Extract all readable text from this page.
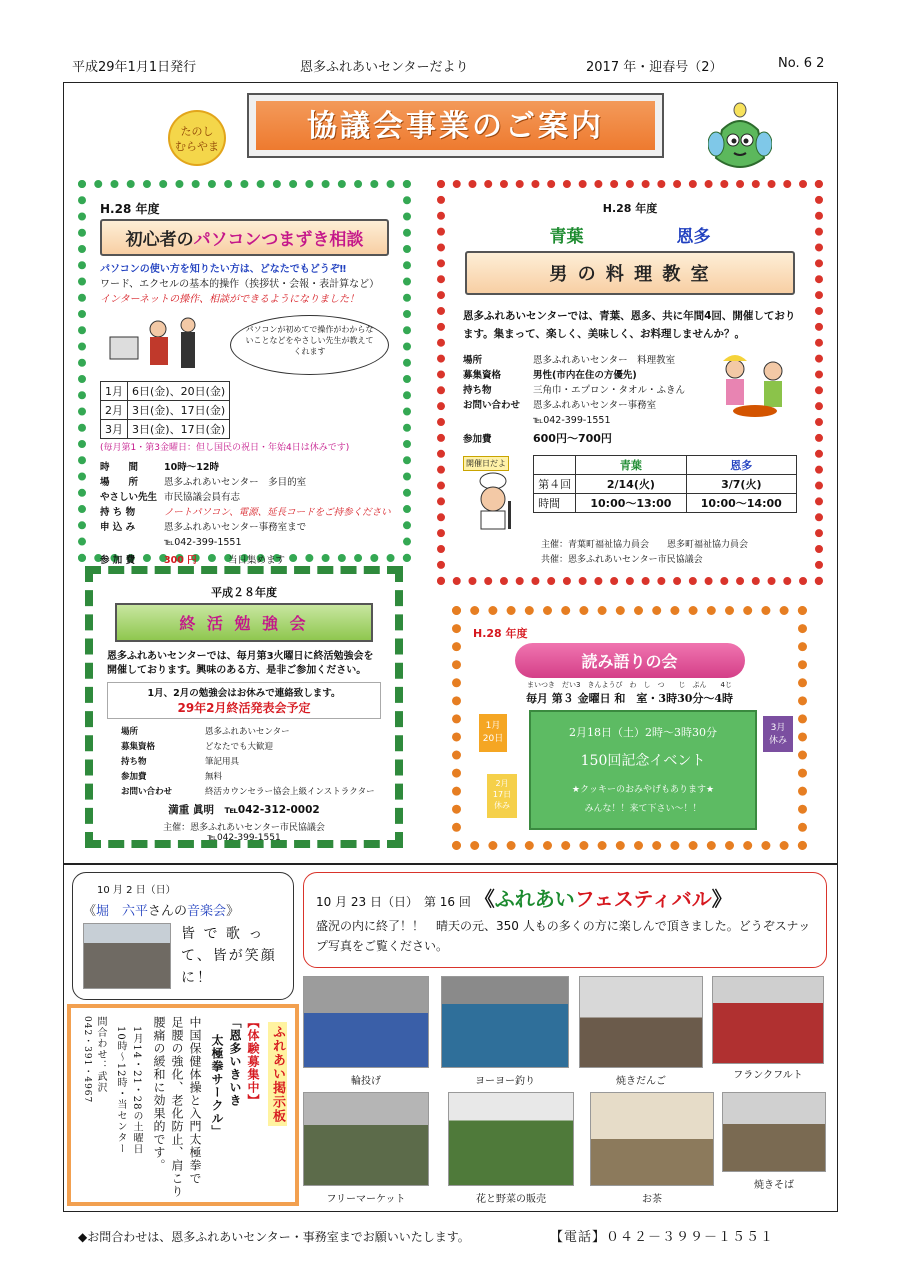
平成29年1月1日発行	恩多ふれあいセンターだより	2017 年・迎春号（2）	No. 6 2
たのし
むらやま
協議会事業のご案内
H.28 年度
初心者のパソコンつまずき相談
パソコンの使い方を知りたい方は、どなたでもどうぞ‼
ワード、エクセルの基本的操作（挨拶状・会報・表計算など）
インターネットの操作、相談ができるようになりました！
パソコンが初めてで操作がわからないことなどをやさしい先生が教えてくれます
1月	6日(金)、20日(金)
2月	3日(金)、17日(金)
3月	3日(金)、17日(金)
(毎月第1・第3金曜日：但し国民の祝日・年始4日は休みです)
時　　間	10時～12時
場　　所	恩多ふれあいセンター　多目的室
やさしい先生 市民協議会員有志
持 ち 物	ノートパソコン、電源、延長コードをご持参ください
申 込 み	恩多ふれあいセンター事務室まで
℡042-399-1551
参 加 費	300 円	当日集めます
H.28 年度
青葉	恩多
男 の 料 理 教 室
恩多ふれあいセンターでは、青葉、恩多、共に年間4回、開催しております。集まって、楽しく、美味しく、お料理しませんか？。
場所	恩多ふれあいセンター　料理教室
募集資格	男性(市内在住の方優先)
持ち物	三角巾・エプロン・タオル・ふきん
お問い合わせ 恩多ふれあいセンター事務室
℡042-399-1551
参加費	600円～700円
開催日だよ
		青葉	恩多
第４回	2/14(火)	3/7(火)
時間	10:00～13:00	10:00～14:00
主催：青葉町福祉協力員会　　恩多町福祉協力員会
共催：恩多ふれあいセンター市民協議会
平成２８年度
終 活 勉 強 会
恩多ふれあいセンターでは、毎月第3火曜日に終活勉強会を開催しております。興味のある方、是非ご参加ください。
1月、2月の勉強会はお休みで連絡致します。
29年2月終活発表会予定
場所	恩多ふれあいセンター
募集資格	どなたでも大歓迎
持ち物	筆記用具
参加費	無料
お問い合わせ	終活カウンセラー協会上級インストラクター
満重 眞明　℡042-312-0002
主催：恩多ふれあいセンター市民協議会
℡042-399-1551
H.28 年度
読み語りの会
まいつき　だい3　きんようび　わ　し　つ　　じ　ぷん　　4じ
毎月 第３ 金曜日 和　室・3時30分～4時
1月
20日
2月
17日
休み
2月18日（土）2時～3時30分
150回記念イベント
★クッキーのおみやげもあります★
みんな！！来て下さい～！！
3月
休み
10 月 2 日（日）
《堀　六平さんの音楽会》
皆 で 歌 っ て、皆が笑顔に！
10 月 23 日（日）　第 16 回 《ふれあいフェスティバル》
盛況の内に終了！！　晴天の元、350 人もの多くの方に楽しんで頂きました。どうぞスナップ写真をご覧ください。
輪投げ	ヨーヨー釣り	焼きだんご
フランクフルト
フリーマーケット	花と野菜の販売	お茶
焼きそば
ふれあい掲示板
【体験募集中】
「恩多いきいき
太極拳サークル」
中国保健体操と入門太極拳で
足腰の強化、老化防止、肩こり
腰痛の緩和に効果的です。
1月14・21・28の土曜日
10時～12時・当センター
問合わせ：武沢
042・391・4967
◆お問合わせは、恩多ふれあいセンター・事務室までお願いいたします。	【電話】０４２－３９９－１５５１
